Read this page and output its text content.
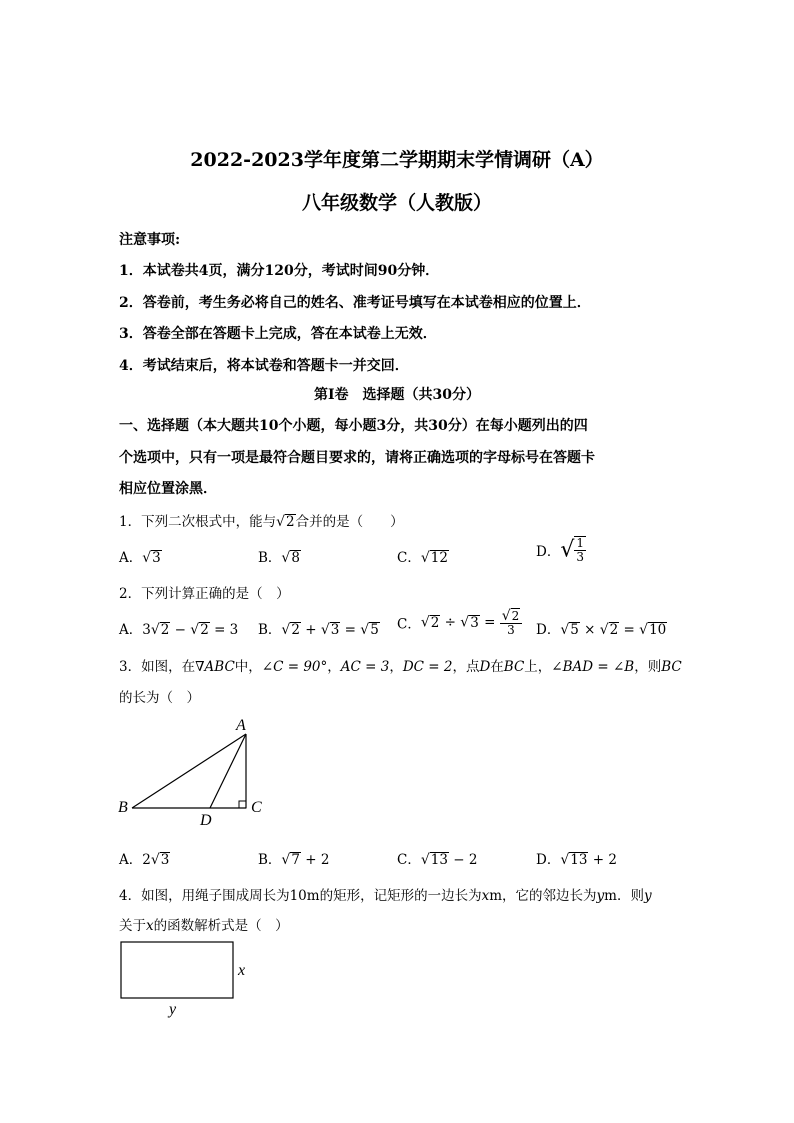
2022-2023学年度第二学期期末学情调研（A）
八年级数学（人教版）
注意事项:
1．本试卷共4页，满分120分，考试时间90分钟．
2．答卷前，考生务必将自己的姓名、准考证号填写在本试卷相应的位置上．
3．答卷全部在答题卡上完成，答在本试卷上无效．
4．考试结束后，将本试卷和答题卡一并交回．
第Ⅰ卷　选择题（共30分）
一、选择题（本大题共10个小题，每小题3分，共30分）在每小题列出的四
个选项中，只有一项是最符合题目要求的，请将正确选项的字母标号在答题卡
相应位置涂黑．
1．下列二次根式中，能与√2合并的是（　　）
A．√3	B．√8	C．√12	D．√ $\frac{1}{3}$
2．下列计算正确的是（　）
A．3√2 − √2 = 3 B．√2 + √3 = √5 C．$√2 \div √3 = \frac{√2}{3}$ D．√5 × √2 = √10
3．如图，在∇ABC中，∠C = 90°，AC = 3，DC = 2，点D在BC上，∠BAD = ∠B，则BC
的长为（　）
A
B	C
D
A．2√3	B．√7 + 2	C．√13 − 2	D．√13 + 2
4．如图，用绳子围成周长为10m的矩形，记矩形的一边长为xm，它的邻边长为ym．则y
关于x的函数解析式是（　）
x
y
